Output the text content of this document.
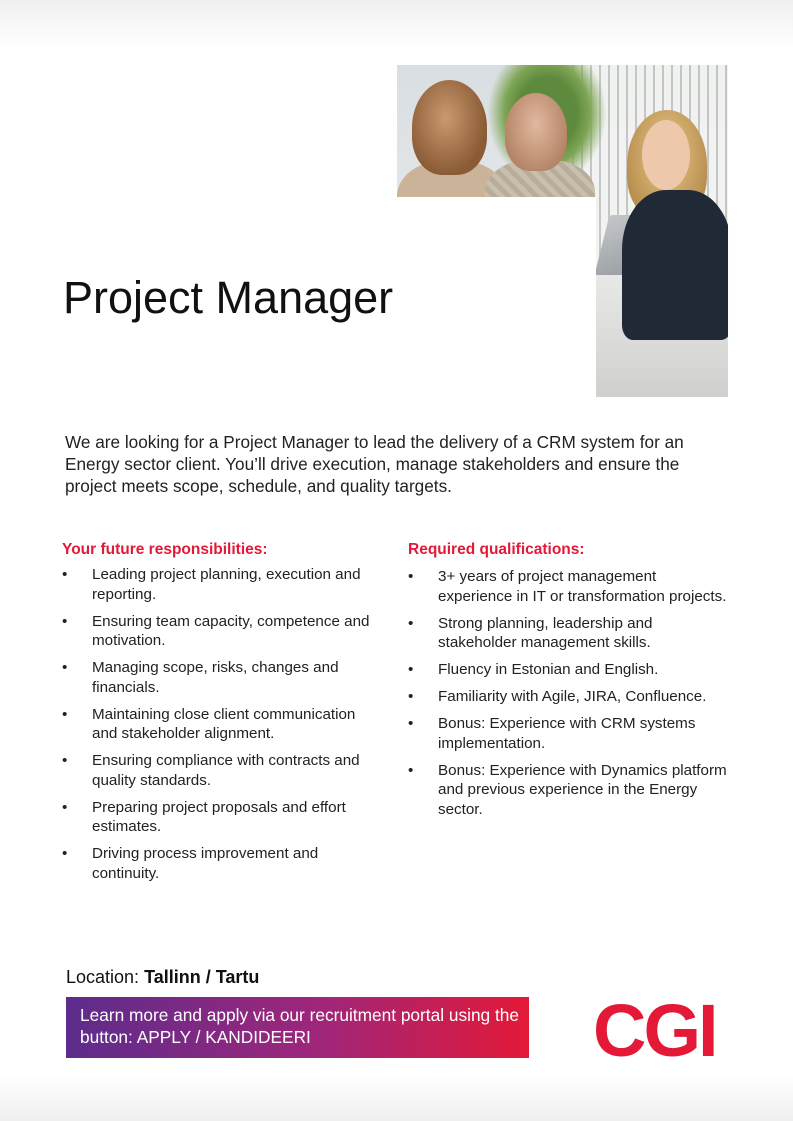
Project Manager

We are looking for a Project Manager to lead the delivery of a CRM system for an Energy sector client. You’ll drive execution, manage stakeholders and ensure the project meets scope, schedule, and quality targets.

Your future responsibilities:
•	Leading project planning, execution and reporting.
•	Ensuring team capacity, competence and motivation.
•	Managing scope, risks, changes and financials.
•	Maintaining close client communication and stakeholder alignment.
•	Ensuring compliance with contracts and quality standards.
•	Preparing project proposals and effort estimates.
•	Driving process improvement and continuity.
Required qualifications:
•	3+ years of project management experience in IT or transformation projects.
•	Strong planning, leadership and stakeholder management skills.
•	Fluency in Estonian and English.
•	Familiarity with Agile, JIRA, Confluence.
•	Bonus: Experience with CRM systems implementation.
•	Bonus: Experience with Dynamics platform and previous experience in the Energy sector.
Location: Tallinn / Tartu
Learn more and apply via our recruitment portal using the button: APPLY / KANDIDEERI	CGI
